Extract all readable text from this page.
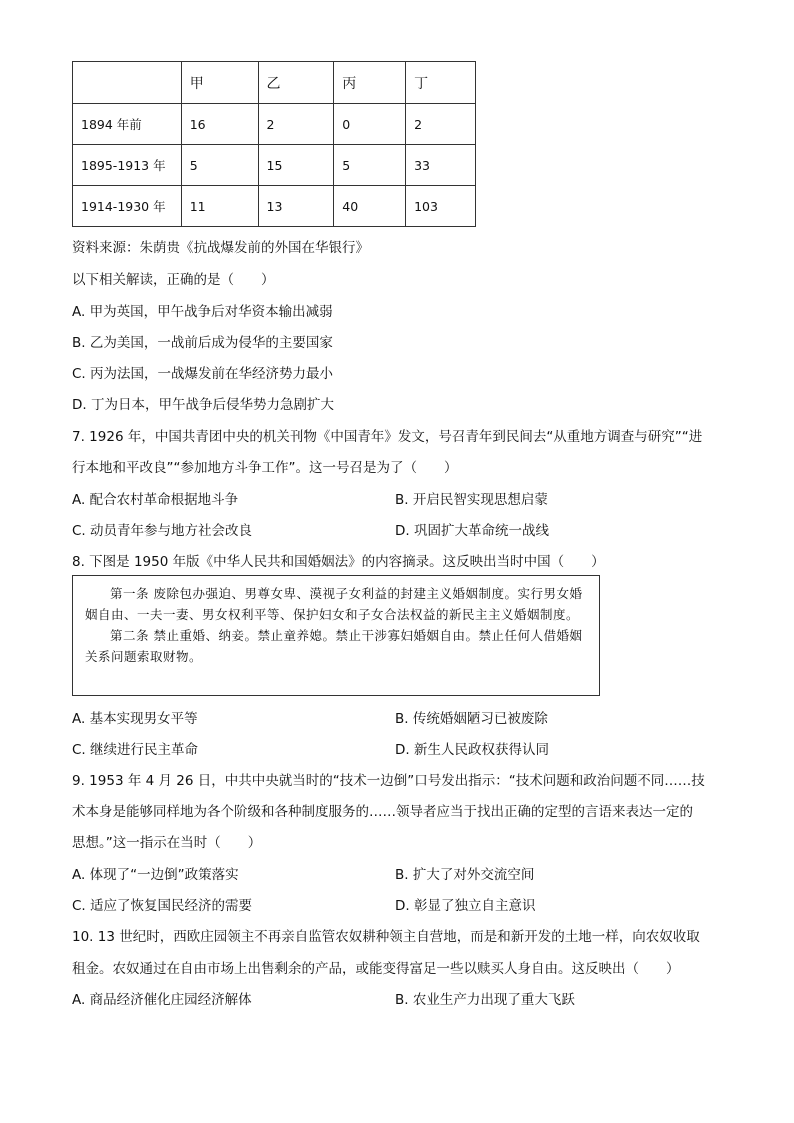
	甲	乙	丙	丁
1894 年前	16	2	0	2
1895-1913 年	5	15	5	33
1914-1930 年	11	13	40	103
资料来源：朱荫贵《抗战爆发前的外国在华银行》
以下相关解读，正确的是（　　）
A. 甲为英国，甲午战争后对华资本输出减弱
B. 乙为美国，一战前后成为侵华的主要国家
C. 丙为法国，一战爆发前在华经济势力最小
D. 丁为日本，甲午战争后侵华势力急剧扩大
7. 1926 年，中国共青团中央的机关刊物《中国青年》发文，号召青年到民间去“从重地方调查与研究”“进
行本地和平改良”“参加地方斗争工作”。这一号召是为了（　　）
A. 配合农村革命根据地斗争	B. 开启民智实现思想启蒙
C. 动员青年参与地方社会改良	D. 巩固扩大革命统一战线
8. 下图是 1950 年版《中华人民共和国婚姻法》的内容摘录。这反映出当时中国（　　）

第一条 废除包办强迫、男尊女卑、漠视子女利益的封建主义婚姻制度。实行男女婚姻自由、一夫一妻、男女权利平等、保护妇女和子女合法权益的新民主主义婚姻制度。

第二条 禁止重婚、纳妾。禁止童养媳。禁止干涉寡妇婚姻自由。禁止任何人借婚姻关系问题索取财物。

A. 基本实现男女平等	B. 传统婚姻陋习已被废除
C. 继续进行民主革命	D. 新生人民政权获得认同
9. 1953 年 4 月 26 日，中共中央就当时的“技术一边倒”口号发出指示：“技术问题和政治问题不同……技
术本身是能够同样地为各个阶级和各种制度服务的……领导者应当于找出正确的定型的言语来表达一定的
思想。”这一指示在当时（　　）
A. 体现了“一边倒”政策落实	B. 扩大了对外交流空间
C. 适应了恢复国民经济的需要	D. 彰显了独立自主意识
10. 13 世纪时，西欧庄园领主不再亲自监管农奴耕种领主自营地，而是和新开发的土地一样，向农奴收取
租金。农奴通过在自由市场上出售剩余的产品，或能变得富足一些以赎买人身自由。这反映出（　　）
A. 商品经济催化庄园经济解体	B. 农业生产力出现了重大飞跃
